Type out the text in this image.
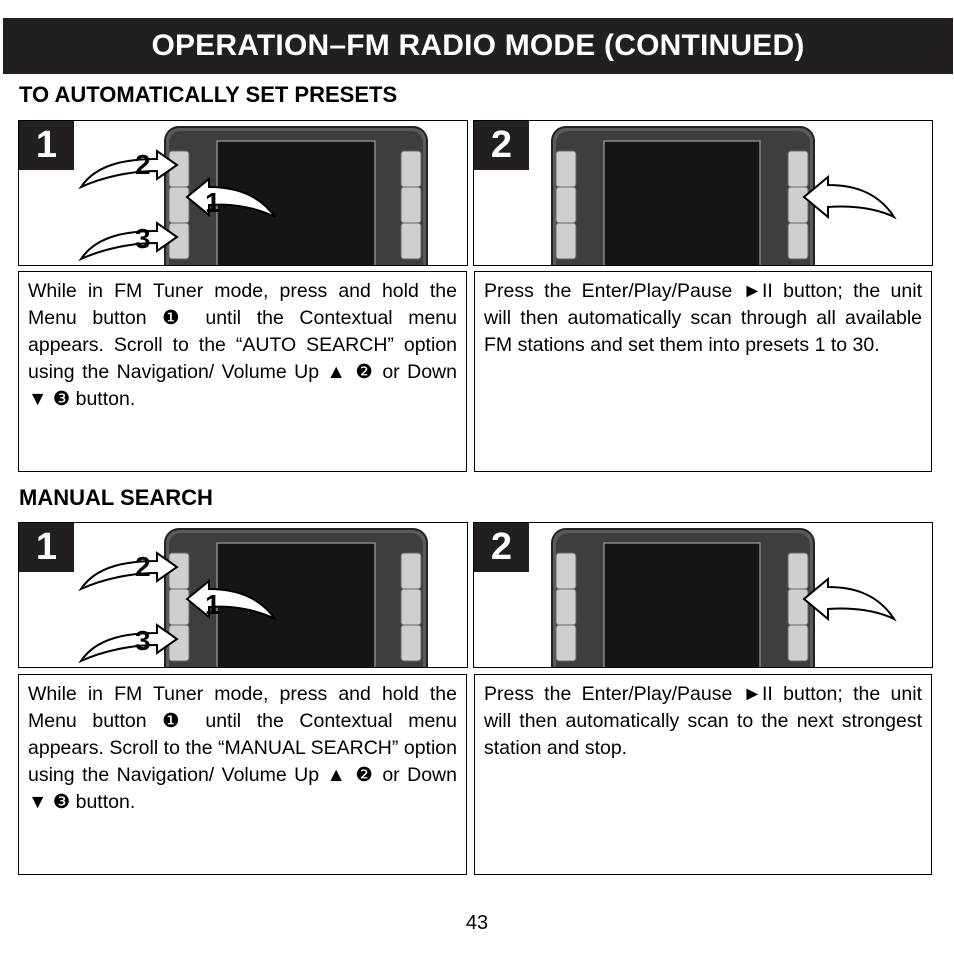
OPERATION–FM RADIO MODE (CONTINUED)
TO AUTOMATICALLY SET PRESETS
1	2
1
3
2

While in FM Tuner mode, press and hold the Menu button ❶ until the Contextual menu appears. Scroll to the “AUTO SEARCH” option using the Navigation/ Volume Up ▲ ❷ or Down ▼ ❸ button.

Press the Enter/Play/Pause ►II button; the unit will then automatically scan through all available FM stations and set them into presets 1 to 30.

MANUAL SEARCH
1	2
1
3
2

While in FM Tuner mode, press and hold the Menu button ❶ until the Contextual menu appears. Scroll to the “MANUAL SEARCH” option using the Navigation/ Volume Up ▲ ❷ or Down ▼ ❸ button.

Press the Enter/Play/Pause ►II button; the unit will then automatically scan to the next strongest station and stop.

43
